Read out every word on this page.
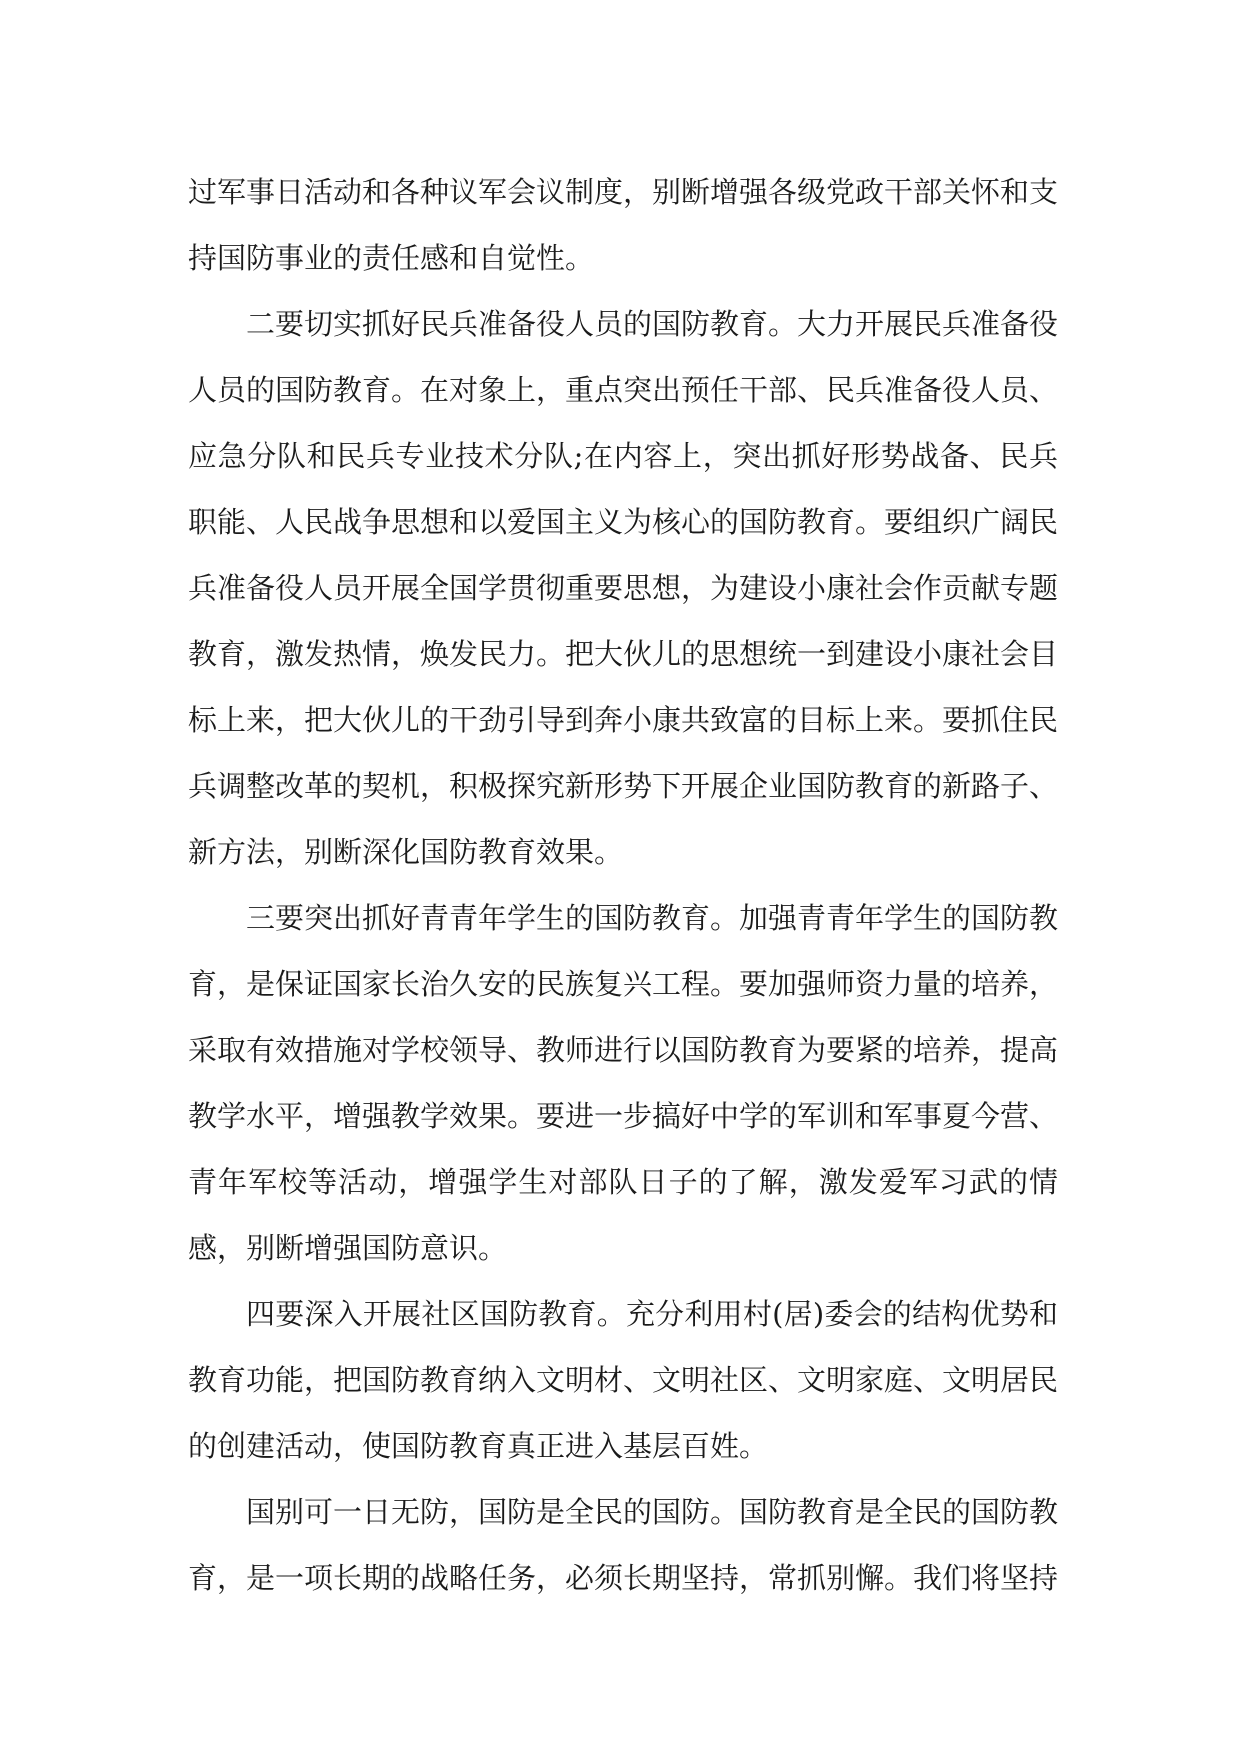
过军事日活动和各种议军会议制度，别断增强各级党政干部关怀和支持国防事业的责任感和自觉性。

二要切实抓好民兵准备役人员的国防教育。大力开展民兵准备役人员的国防教育。在对象上，重点突出预任干部、民兵准备役人员、应急分队和民兵专业技术分队;在内容上，突出抓好形势战备、民兵职能、人民战争思想和以爱国主义为核心的国防教育。要组织广阔民兵准备役人员开展全国学贯彻重要思想，为建设小康社会作贡献专题教育，激发热情，焕发民力。把大伙儿的思想统一到建设小康社会目标上来，把大伙儿的干劲引导到奔小康共致富的目标上来。要抓住民兵调整改革的契机，积极探究新形势下开展企业国防教育的新路子、新方法，别断深化国防教育效果。

三要突出抓好青青年学生的国防教育。加强青青年学生的国防教育，是保证国家长治久安的民族复兴工程。要加强师资力量的培养，采取有效措施对学校领导、教师进行以国防教育为要紧的培养，提高教学水平，增强教学效果。要进一步搞好中学的军训和军事夏今营、青年军校等活动，增强学生对部队日子的了解，激发爱军习武的情感，别断增强国防意识。

四要深入开展社区国防教育。充分利用村(居)委会的结构优势和教育功能，把国防教育纳入文明材、文明社区、文明家庭、文明居民的创建活动，使国防教育真正进入基层百姓。

国别可一日无防，国防是全民的国防。国防教育是全民的国防教育，是一项长期的战略任务，必须长期坚持，常抓别懈。我们将坚持
